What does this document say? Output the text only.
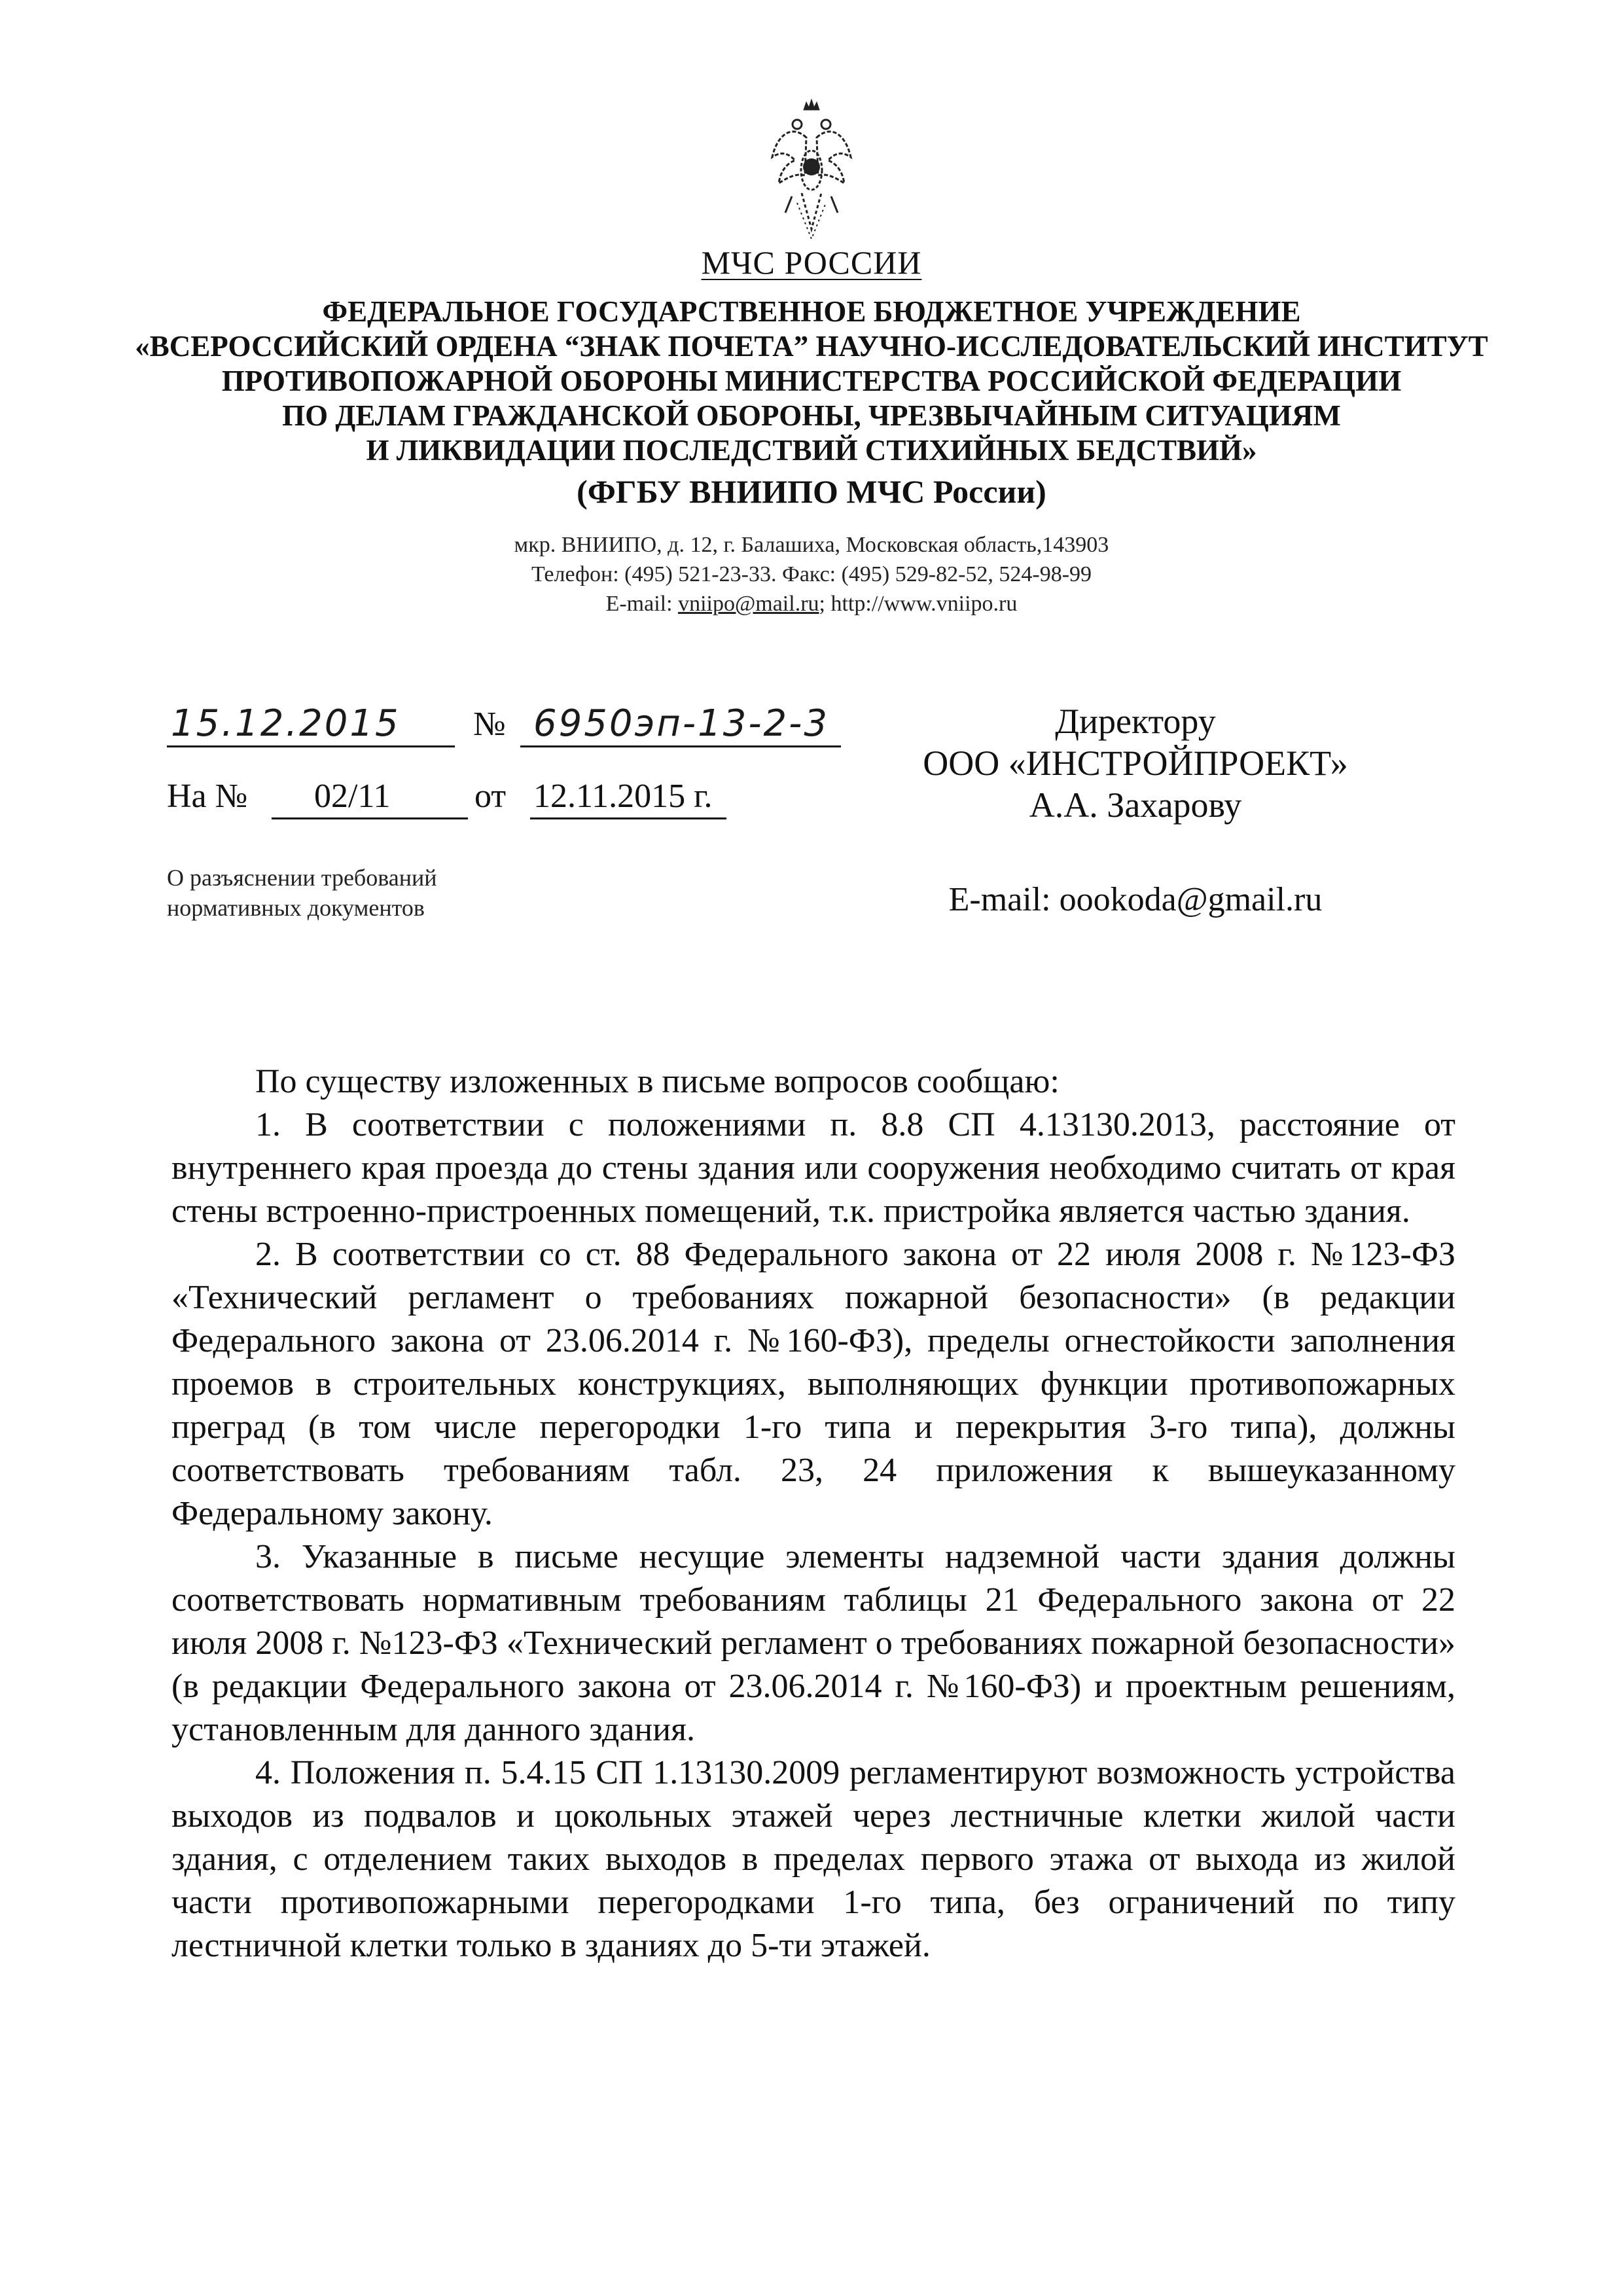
МЧС РОССИИ
ФЕДЕРАЛЬНОЕ ГОСУДАРСТВЕННОЕ БЮДЖЕТНОЕ УЧРЕЖДЕНИЕ
«ВСЕРОССИЙСКИЙ ОРДЕНА “ЗНАК ПОЧЕТА” НАУЧНО-ИССЛЕДОВАТЕЛЬСКИЙ ИНСТИТУТ
ПРОТИВОПОЖАРНОЙ ОБОРОНЫ МИНИСТЕРСТВА РОССИЙСКОЙ ФЕДЕРАЦИИ
ПО ДЕЛАМ ГРАЖДАНСКОЙ ОБОРОНЫ, ЧРЕЗВЫЧАЙНЫМ СИТУАЦИЯМ
И ЛИКВИДАЦИИ ПОСЛЕДСТВИЙ СТИХИЙНЫХ БЕДСТВИЙ»
(ФГБУ ВНИИПО МЧС России)
мкр. ВНИИПО, д. 12, г. Балашиха, Московская область,143903
Телефон: (495) 521-23-33. Факс: (495) 529-82-52, 524-98-99
E-mail: vniipo@mail.ru; http://www.vniipo.ru
15.12.2015 № 6950эп-13-2-3
На № 02/11 от 12.11.2015 г.
О разъяснении требований
нормативных документов
Директору
ООО «ИНСТРОЙПРОЕКТ»
А.А. Захарову
E-mail: oookoda@gmail.ru

По существу изложенных в письме вопросов сообщаю:

1. В соответствии с положениями п. 8.8 СП 4.13130.2013, расстояние от внутреннего края проезда до стены здания или сооружения необходимо считать от края стены встроенно-пристроенных помещений, т.к. пристройка является частью здания.

2. В соответствии со ст. 88 Федерального закона от 22 июля 2008 г. №123-ФЗ «Технический регламент о требованиях пожарной безопасности» (в редакции Федерального закона от 23.06.2014 г. №160-ФЗ), пределы огнестойкости заполнения проемов в строительных конструкциях, выполняющих функции противопожарных преград (в том числе перегородки 1-го типа и перекрытия 3-го типа), должны соответствовать требованиям табл. 23, 24 приложения к вышеуказанному Федеральному закону.

3. Указанные в письме несущие элементы надземной части здания должны соответствовать нормативным требованиям таблицы 21 Федерального закона от 22 июля 2008 г. №123-ФЗ «Технический регламент о требованиях пожарной безопасности» (в редакции Федерального закона от 23.06.2014 г. №160-ФЗ) и проектным решениям, установленным для данного здания.

4. Положения п. 5.4.15 СП 1.13130.2009 регламентируют возможность устройства выходов из подвалов и цокольных этажей через лестничные клетки жилой части здания, с отделением таких выходов в пределах первого этажа от выхода из жилой части противопожарными перегородками 1-го типа, без ограничений по типу лестничной клетки только в зданиях до 5-ти этажей.
